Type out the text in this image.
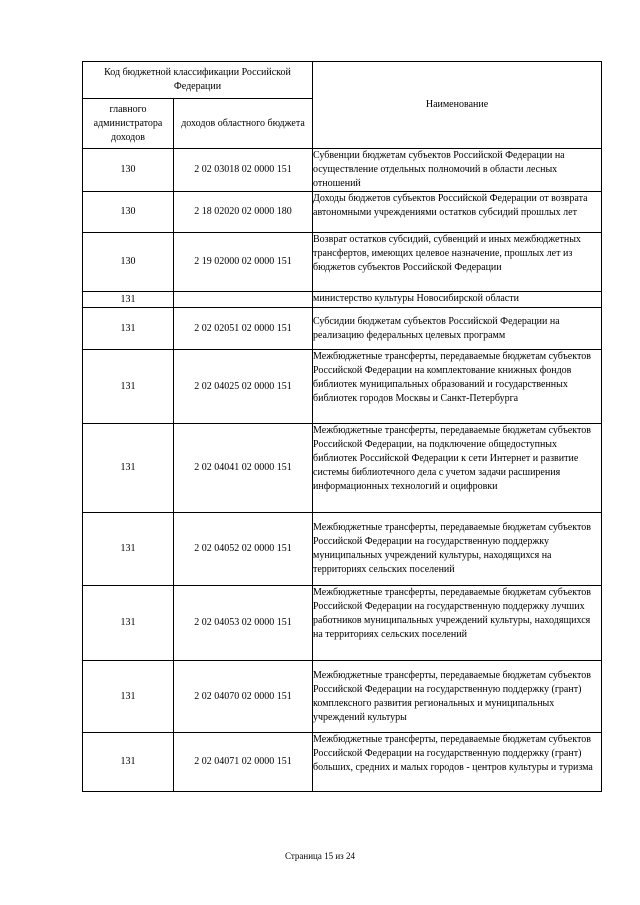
Код бюджетной классификации Российской Федерации		Наименование
главного администратора доходов	доходов областного бюджета	
130	2 02 03018 02 0000 151	Субвенции бюджетам субъектов Российской Федерации на осуществление отдельных полномочий в области лесных отношений
130	2 18 02020 02 0000 180	Доходы бюджетов субъектов Российской Федерации от возврата автономными учреждениями остатков субсидий прошлых лет
130	2 19 02000 02 0000 151	Возврат остатков субсидий, субвенций и иных межбюджетных трансфертов, имеющих целевое назначение, прошлых лет из бюджетов субъектов Российской Федерации
131		министерство культуры Новосибирской области
131	2 02 02051 02 0000 151	Субсидии бюджетам субъектов Российской Федерации на реализацию федеральных целевых программ
131	2 02 04025 02 0000 151	Межбюджетные трансферты, передаваемые бюджетам субъектов Российской Федерации на комплектование книжных фондов библиотек муниципальных образований и государственных библиотек городов Москвы и Санкт-Петербурга
131	2 02 04041 02 0000 151	Межбюджетные трансферты, передаваемые бюджетам субъектов Российской Федерации, на подключение общедоступных библиотек Российской Федерации к сети Интернет и развитие системы библиотечного дела с учетом задачи расширения информационных технологий и оцифровки
131	2 02 04052 02 0000 151	Межбюджетные трансферты, передаваемые бюджетам субъектов Российской Федерации на государственную поддержку муниципальных учреждений культуры, находящихся на территориях сельских поселений
131	2 02 04053 02 0000 151	Межбюджетные трансферты, передаваемые бюджетам субъектов Российской Федерации на государственную поддержку лучших работников муниципальных учреждений культуры, находящихся на территориях сельских поселений
131	2 02 04070 02 0000 151	Межбюджетные трансферты, передаваемые бюджетам субъектов Российской Федерации на государственную поддержку (грант) комплексного развития региональных и муниципальных учреждений культуры
131	2 02 04071 02 0000 151	Межбюджетные трансферты, передаваемые бюджетам субъектов Российской Федерации на государственную поддержку (грант) больших, средних и малых городов - центров культуры и туризма
Страница 15 из 24
